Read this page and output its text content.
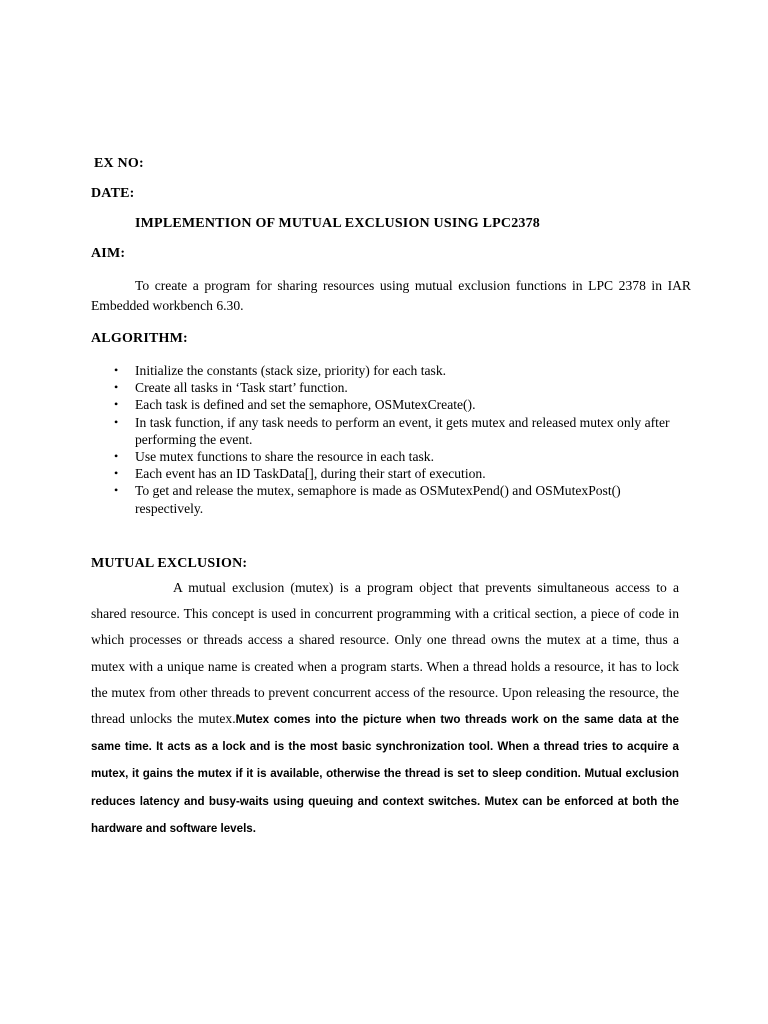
EX NO:

DATE:

IMPLEMENTION OF MUTUAL EXCLUSION USING LPC2378

AIM:

To create a program for sharing resources using mutual exclusion functions in LPC 2378 in IAR Embedded workbench 6.30.

ALGORITHM:

• Initialize the constants (stack size, priority) for each task.
• Create all tasks in ‘Task start’ function.
• Each task is defined and set the semaphore, OSMutexCreate().
• In task function, if any task needs to perform an event, it gets mutex and released mutex only after performing the event.
• Use mutex functions to share the resource in each task.
• Each event has an ID TaskData[], during their start of execution.
• To get and release the mutex, semaphore is made as OSMutexPend() and OSMutexPost() respectively.

MUTUAL EXCLUSION:

A mutual exclusion (mutex) is a program object that prevents simultaneous access to a shared resource. This concept is used in concurrent programming with a critical section, a piece of code in which processes or threads access a shared resource. Only one thread owns the mutex at a time, thus a mutex with a unique name is created when a program starts. When a thread holds a resource, it has to lock the mutex from other threads to prevent concurrent access of the resource. Upon releasing the resource, the thread unlocks the mutex.Mutex comes into the picture when two threads work on the same data at the same time. It acts as a lock and is the most basic synchronization tool. When a thread tries to acquire a mutex, it gains the mutex if it is available, otherwise the thread is set to sleep condition. Mutual exclusion reduces latency and busy-waits using queuing and context switches. Mutex can be enforced at both the hardware and software levels.
